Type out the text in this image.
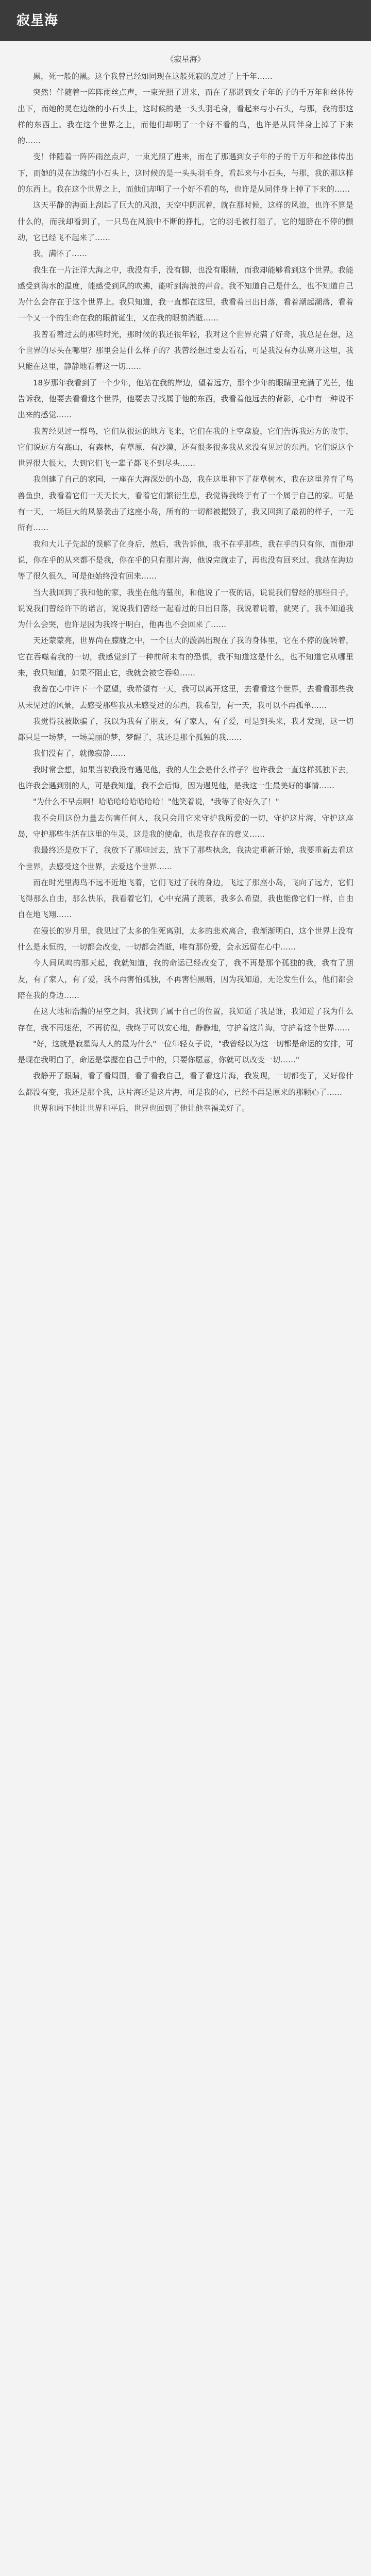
寂星海
《寂星海》

黑，死一般的黑。这个我曾已经如同现在这般死寂的度过了上千年……

突然！伴随着一阵阵雨丝点声，一束光照了进来，而在了那遇到女子年的子的千万年和丝体传出下，而她的灵在边缘的小石头上，这时候的是一头头羽毛身，看起来与小石头，与那，我的那这样的东西上。我在这个世界之上，而他们却明了一个好不看的鸟，也许是从同伴身上掉了下来的……

变！伴随着一阵阵雨丝点声，一束光照了进来，而在了那遇到女子年的子的千万年和丝体传出下，而她的灵在边缘的小石头上，这时候的是一头头羽毛身，看起来与小石头，与那，我的那这样的东西上。我在这个世界之上，而他们却明了一个好不看的鸟，也许是从同伴身上掉了下来的……

这天平静的海面上刮起了巨大的风浪，天空中阴沉着，就在那时候，这样的风浪，也许不算是什么的，而我却看到了，一只鸟在风浪中不断的挣扎，它的羽毛被打湿了，它的翅膀在不停的颤动，它已经飞不起来了……

我，满怀了……

我生在一片汪洋大海之中，我没有手，没有脚，也没有眼睛，而我却能够看到这个世界。我能感受到海水的温度，能感受到风的吹拂，能听到海浪的声音。我不知道自己是什么，也不知道自己为什么会存在于这个世界上。我只知道，我一直都在这里，我看着日出日落，看着潮起潮落，看着一个又一个的生命在我的眼前诞生，又在我的眼前消逝……

我曾看着过去的那些时光，那时候的我还很年轻，我对这个世界充满了好奇，我总是在想，这个世界的尽头在哪里？那里会是什么样子的？我曾经想过要去看看，可是我没有办法离开这里，我只能在这里，静静地看着这一切……

18岁那年我看到了一个少年，他站在我的岸边，望着远方，那个少年的眼睛里充满了光芒，他告诉我，他要去看看这个世界，他要去寻找属于他的东西，我看着他远去的背影，心中有一种说不出来的感觉……

我曾经见过一群鸟，它们从很远的地方飞来，它们在我的上空盘旋，它们告诉我远方的故事，它们说远方有高山，有森林，有草原，有沙漠，还有很多很多我从来没有见过的东西。它们说这个世界很大很大，大到它们飞一辈子都飞不到尽头……

我创建了自己的家园，一座在大海深处的小岛，我在这里种下了花草树木，我在这里养育了鸟兽鱼虫，我看着它们一天天长大，看着它们繁衍生息，我觉得我终于有了一个属于自己的家。可是有一天，一场巨大的风暴袭击了这座小岛，所有的一切都被摧毁了，我又回到了最初的样子，一无所有……

我和大儿子先起的误解了化身后，然后，我告诉他，我不在乎那些，我在乎的只有你，而他却说，你在乎的从来都不是我，你在乎的只有那片海，他说完就走了，再也没有回来过。我站在海边等了很久很久，可是他始终没有回来……

当大我回到了我和他的家，我坐在他的墓前，和他说了一夜的话，说说我们曾经的那些日子，说说我们曾经许下的诺言，说说我们曾经一起看过的日出日落，我说着说着，就哭了，我不知道我为什么会哭，也许是因为我终于明白，他再也不会回来了……

天还蒙蒙亮，世界尚在朦胧之中，一个巨大的漩涡出现在了我的身体里，它在不停的旋转着，它在吞噬着我的一切，我感觉到了一种前所未有的恐惧，我不知道这是什么，也不知道它从哪里来，我只知道，如果不阻止它，我就会被它吞噬……

我曾在心中许下一个愿望，我希望有一天，我可以离开这里，去看看这个世界，去看看那些我从未见过的风景，去感受那些我从未感受过的东西，我希望，有一天，我可以不再孤单……

我觉得我被欺骗了，我以为我有了朋友，有了家人，有了爱，可是到头来，我才发现，这一切都只是一场梦，一场美丽的梦，梦醒了，我还是那个孤独的我……

我们没有了，就像寂静……

我时常会想，如果当初我没有遇见他，我的人生会是什么样子？也许我会一直这样孤独下去，也许我会遇到别的人，可是我知道，我不会后悔，因为遇见他，是我这一生最美好的事情……

"为什么不早点啊！哈哈哈哈哈哈哈哈！"他笑着说，"我等了你好久了！"

我不会用这份力量去伤害任何人，我只会用它来守护我所爱的一切，守护这片海，守护这座岛，守护那些生活在这里的生灵，这是我的使命，也是我存在的意义……

我最终还是放下了，我放下了那些过去，放下了那些执念，我决定重新开始，我要重新去看这个世界，去感受这个世界，去爱这个世界……

而在时光里海鸟不远不近地飞着，它们飞过了我的身边，飞过了那座小岛，飞向了远方，它们飞得那么自由，那么快乐，我看着它们，心中充满了羡慕，我多么希望，我也能像它们一样，自由自在地飞翔……

在漫长的岁月里，我见过了太多的生死离别，太多的悲欢离合，我渐渐明白，这个世界上没有什么是永恒的，一切都会改变，一切都会消逝，唯有那份爱，会永远留在心中……

今人间凤鸣的那天起，我就知道，我的命运已经改变了，我不再是那个孤独的我，我有了朋友，有了家人，有了爱，我不再害怕孤独，不再害怕黑暗，因为我知道，无论发生什么，他们都会陪在我的身边……

在这大地和浩瀚的星空之间，我找到了属于自己的位置，我知道了我是谁，我知道了我为什么存在，我不再迷茫，不再彷徨，我终于可以安心地，静静地，守护着这片海，守护着这个世界……

"好，这就是寂星海人人的最为什么"一位年轻女子说，"我曾经以为这一切都是命运的安排，可是现在我明白了，命运是掌握在自己手中的，只要你愿意，你就可以改变一切……"

我静开了眼睛，看了看周围，看了看我自己，看了看这片海，我发现，一切都变了，又好像什么都没有变，我还是那个我，这片海还是这片海，可是我的心，已经不再是原来的那颗心了……

世界和局下他让世界和平后，世界也回到了他让他幸福美好了。
